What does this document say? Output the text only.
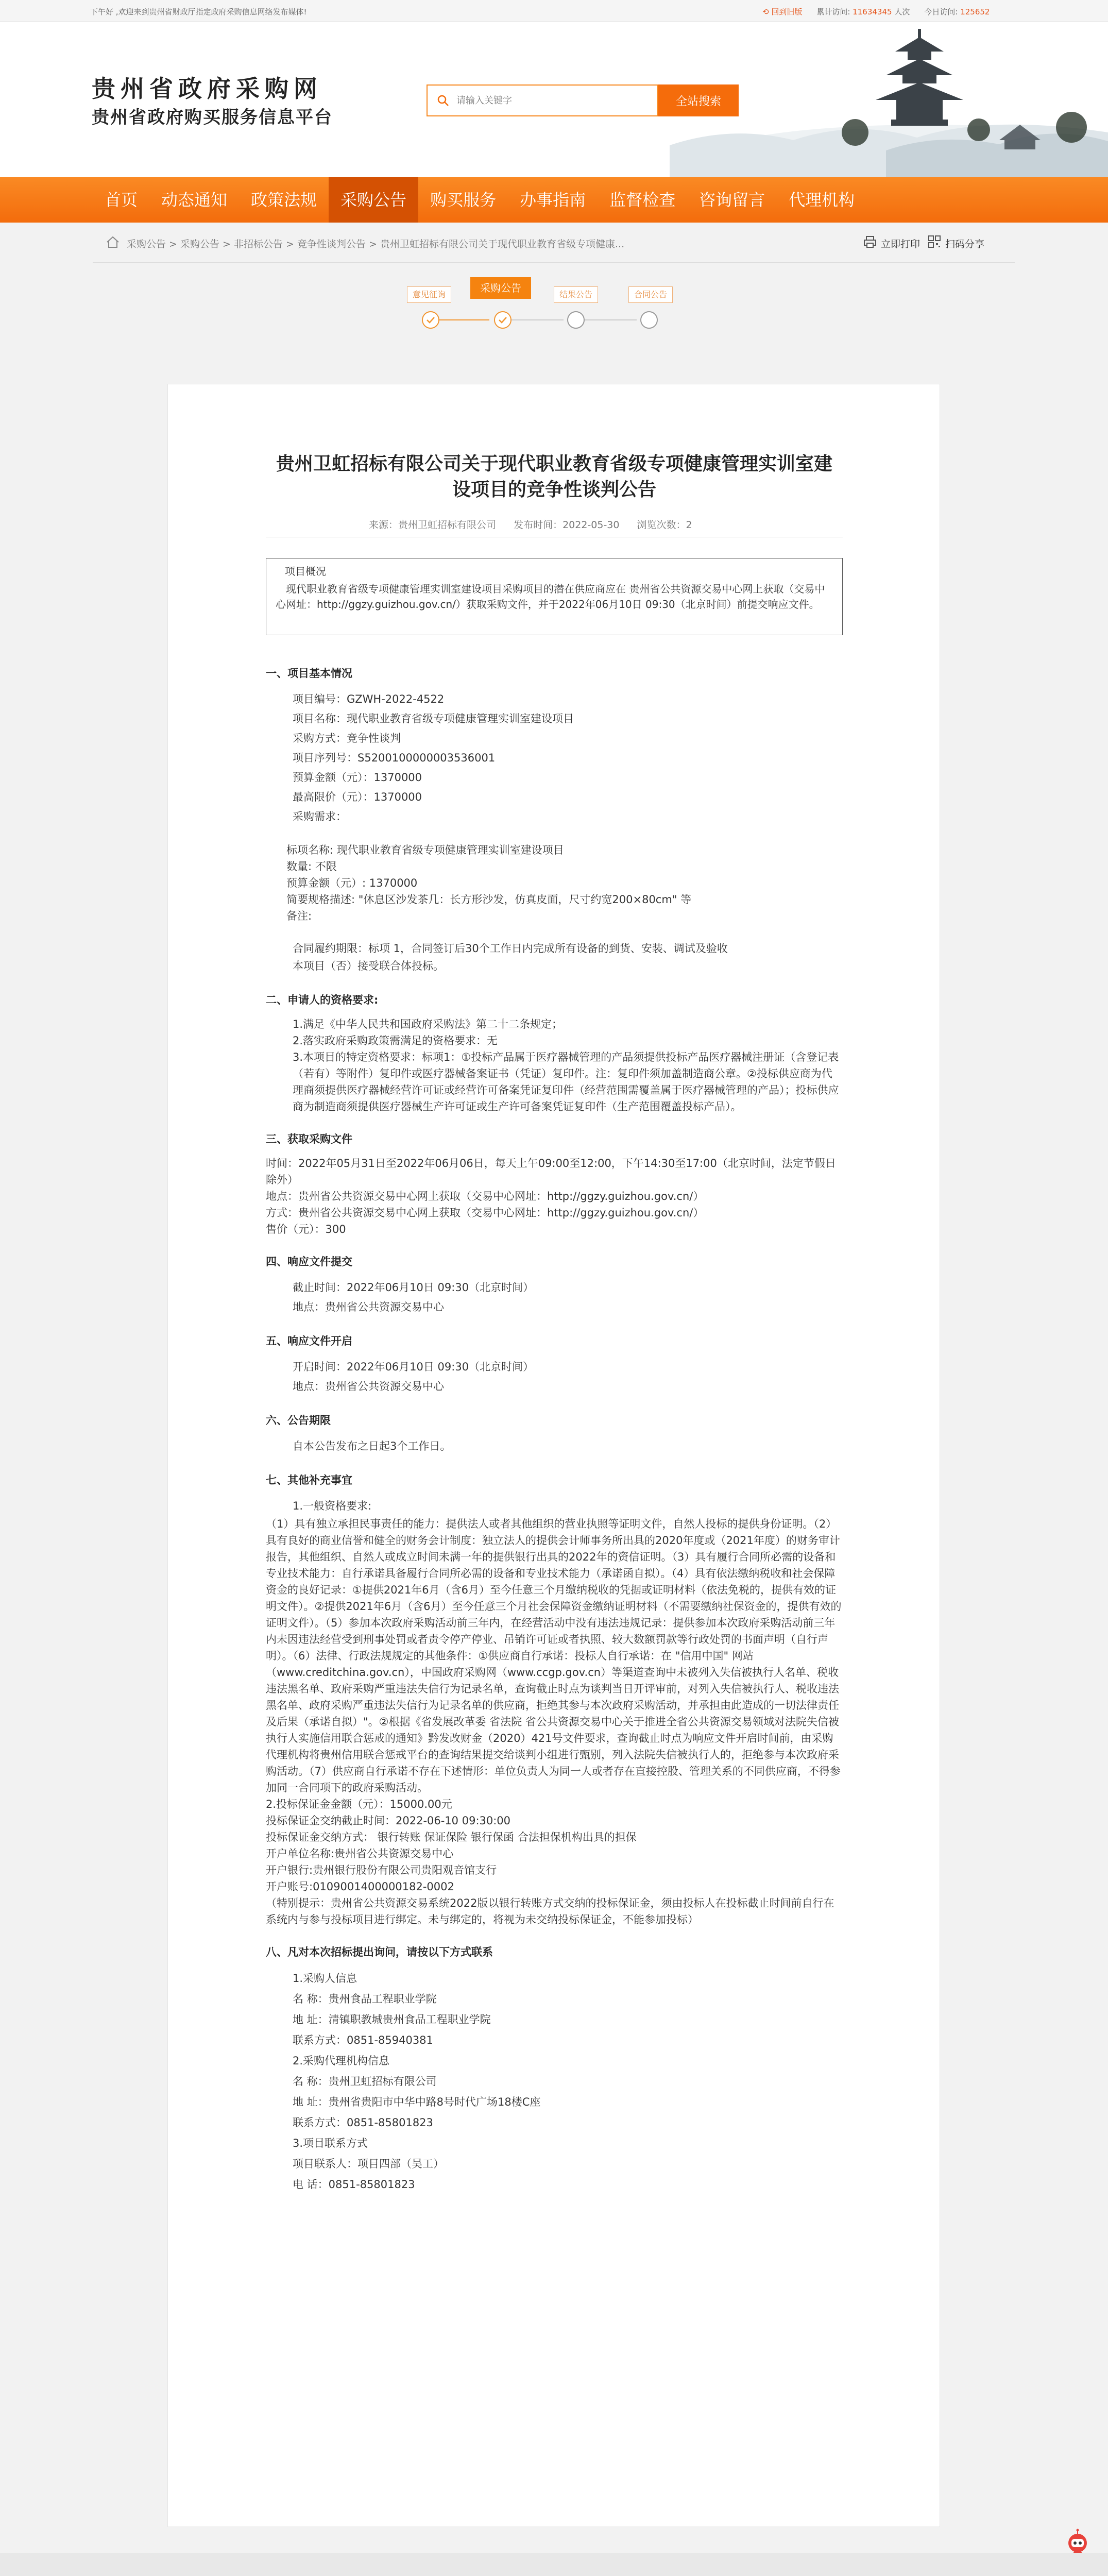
下午好 ,欢迎来到贵州省财政厅指定政府采购信息网络发布媒体!	⟲ 回到旧版 累计访问: 11634345 人次 今日访问: 125652
贵州省政府采购网
贵州省政府购买服务信息平台
请输入关键字
全站搜索
首页	动态通知	政策法规	采购公告	购买服务	办事指南	监督检查	咨询留言	代理机构
采购公告 > 采购公告 > 非招标公告 > 竞争性谈判公告 > 贵州卫虹招标有限公司关于现代职业教育省级专项健康...	立即打印	扫码分享
意见征询
采购公告
结果公告	合同公告
贵州卫虹招标有限公司关于现代职业教育省级专项健康管理实训室建设项目的竞争性谈判公告
来源：贵州卫虹招标有限公司 发布时间：2022-05-30 浏览次数：2
项目概况
现代职业教育省级专项健康管理实训室建设项目采购项目的潜在供应商应在 贵州省公共资源交易中心网上获取（交易中心网址：http://ggzy.guizhou.gov.cn/）获取采购文件，并于2022年06月10日 09:30（北京时间）前提交响应文件。
一、项目基本情况

项目编号：GZWH-2022-4522

项目名称：现代职业教育省级专项健康管理实训室建设项目

采购方式：竞争性谈判

项目序列号：S5200100000003536001

预算金额（元）：1370000

最高限价（元）：1370000

采购需求：

标项名称: 现代职业教育省级专项健康管理实训室建设项目

数量: 不限

预算金额（元）: 1370000

简要规格描述: "休息区沙发茶几：长方形沙发，仿真皮面，尺寸约宽200×80cm" 等

备注:

合同履约期限：标项 1，合同签订后30个工作日内完成所有设备的到货、安装、调试及验收

本项目（否）接受联合体投标。

二、申请人的资格要求:

1.满足《中华人民共和国政府采购法》第二十二条规定；

2.落实政府采购政策需满足的资格要求：无

3.本项目的特定资格要求：标项1：①投标产品属于医疗器械管理的产品须提供投标产品医疗器械注册证（含登记表（若有）等附件）复印件或医疗器械备案证书（凭证）复印件。注：复印件须加盖制造商公章。②投标供应商为代理商须提供医疗器械经营许可证或经营许可备案凭证复印件（经营范围需覆盖属于医疗器械管理的产品）；投标供应商为制造商须提供医疗器械生产许可证或生产许可备案凭证复印件（生产范围覆盖投标产品）。

三、获取采购文件

时间：2022年05月31日至2022年06月06日，每天上午09:00至12:00，下午14:30至17:00（北京时间，法定节假日除外）

地点：贵州省公共资源交易中心网上获取（交易中心网址：http://ggzy.guizhou.gov.cn/）

方式：贵州省公共资源交易中心网上获取（交易中心网址：http://ggzy.guizhou.gov.cn/）

售价（元）：300

四、响应文件提交

截止时间：2022年06月10日 09:30（北京时间）

地点：贵州省公共资源交易中心

五、响应文件开启

开启时间：2022年06月10日 09:30（北京时间）

地点：贵州省公共资源交易中心

六、公告期限

自本公告发布之日起3个工作日。

七、其他补充事宜

1.一般资格要求:

（1）具有独立承担民事责任的能力：提供法人或者其他组织的营业执照等证明文件，自然人投标的提供身份证明。（2）具有良好的商业信誉和健全的财务会计制度：独立法人的提供会计师事务所出具的2020年度或（2021年度）的财务审计报告，其他组织、自然人或成立时间未满一年的提供银行出具的2022年的资信证明。（3）具有履行合同所必需的设备和专业技术能力：自行承诺具备履行合同所必需的设备和专业技术能力（承诺函自拟）。（4）具有依法缴纳税收和社会保障资金的良好记录：①提供2021年6月（含6月）至今任意三个月缴纳税收的凭据或证明材料（依法免税的，提供有效的证明文件）。②提供2021年6月（含6月）至今任意三个月社会保障资金缴纳证明材料（不需要缴纳社保资金的，提供有效的证明文件）。（5）参加本次政府采购活动前三年内，在经营活动中没有违法违规记录：提供参加本次政府采购活动前三年内未因违法经营受到刑事处罚或者责令停产停业、吊销许可证或者执照、较大数额罚款等行政处罚的书面声明（自行声明）。（6）法律、行政法规规定的其他条件：①供应商自行承诺：投标人自行承诺：在 "信用中国" 网站（www.creditchina.gov.cn），中国政府采购网（www.ccgp.gov.cn）等渠道查询中未被列入失信被执行人名单、税收违法黑名单、政府采购严重违法失信行为记录名单，查询截止时点为谈判当日开评审前，对列入失信被执行人、税收违法黑名单、政府采购严重违法失信行为记录名单的供应商，拒绝其参与本次政府采购活动，并承担由此造成的一切法律责任及后果（承诺自拟）"。②根据《省发展改革委 省法院 省公共资源交易中心关于推进全省公共资源交易领域对法院失信被执行人实施信用联合惩戒的通知》黔发改财金（2020）421号文件要求，查询截止时点为响应文件开启时间前，由采购代理机构将贵州信用联合惩戒平台的查询结果提交给谈判小组进行甄别，列入法院失信被执行人的，拒绝参与本次政府采购活动。（7）供应商自行承诺不存在下述情形：单位负责人为同一人或者存在直接控股、管理关系的不同供应商，不得参加同一合同项下的政府采购活动。

2.投标保证金金额（元）：15000.00元

投标保证金交纳截止时间：2022-06-10 09:30:00

投标保证金交纳方式： 银行转账 保证保险 银行保函 合法担保机构出具的担保

开户单位名称:贵州省公共资源交易中心

开户银行:贵州银行股份有限公司贵阳观音馆支行

开户账号:0109001400000182-0002

（特别提示：贵州省公共资源交易系统2022版以银行转账方式交纳的投标保证金，须由投标人在投标截止时间前自行在系统内与参与投标项目进行绑定。未与绑定的，将视为未交纳投标保证金，不能参加投标）

八、凡对本次招标提出询问，请按以下方式联系

1.采购人信息

名 称：贵州食品工程职业学院

地 址：清镇职教城贵州食品工程职业学院

联系方式：0851-85940381

2.采购代理机构信息

名 称：贵州卫虹招标有限公司

地 址：贵州省贵阳市中华中路8号时代广场18楼C座

联系方式：0851-85801823

3.项目联系方式

项目联系人：项目四部（吴工）

电 话：0851-85801823
